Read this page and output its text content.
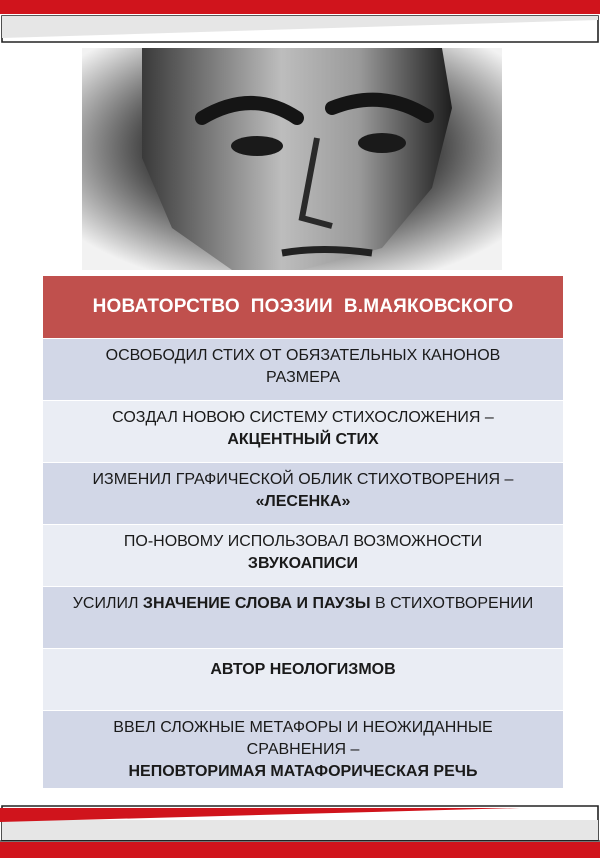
НОВАТОРСТВО  ПОЭЗИИ  В.МАЯКОВСКОГО
ОСВОБОДИЛ СТИХ ОТ ОБЯЗАТЕЛЬНЫХ КАНОНОВ
РАЗМЕРА
СОЗДАЛ НОВОЮ СИСТЕМУ СТИХОСЛОЖЕНИЯ –
АКЦЕНТНЫЙ СТИХ
ИЗМЕНИЛ ГРАФИЧЕСКОЙ ОБЛИК СТИХОТВОРЕНИЯ –
«ЛЕСЕНКА»
ПО-НОВОМУ ИСПОЛЬЗОВАЛ ВОЗМОЖНОСТИ
ЗВУКОАПИСИ
УСИЛИЛ ЗНАЧЕНИЕ СЛОВА И ПАУЗЫ В СТИХОТВОРЕНИИ
АВТОР НЕОЛОГИЗМОВ
ВВЕЛ СЛОЖНЫЕ МЕТАФОРЫ И НЕОЖИДАННЫЕ
СРАВНЕНИЯ –
НЕПОВТОРИМАЯ МАТАФОРИЧЕСКАЯ РЕЧЬ
